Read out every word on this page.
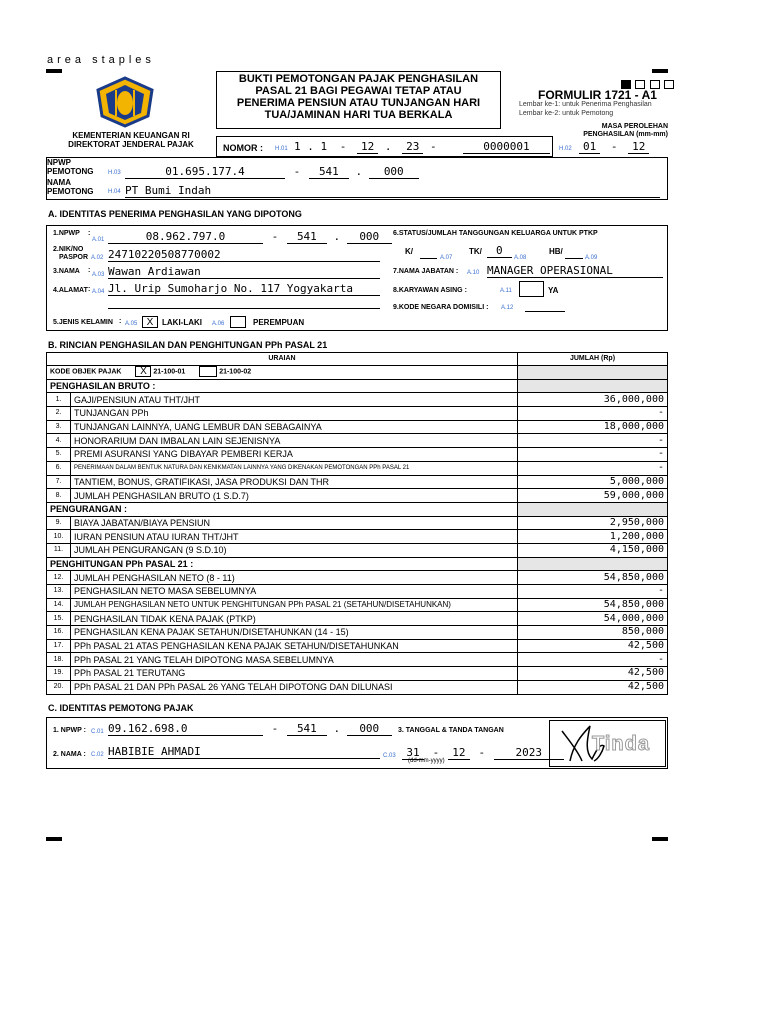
area staples
KEMENTERIAN KEUANGAN RI
DIREKTORAT JENDERAL PAJAK
BUKTI PEMOTONGAN PAJAK PENGHASILAN
PASAL 21 BAGI PEGAWAI TETAP ATAU
PENERIMA PENSIUN ATAU TUNJANGAN HARI
TUA/JAMINAN HARI TUA BERKALA

FORMULIR 1721 - A1
Lembar ke-1: untuk Penerima Penghasilan
Lembar ke-2: untuk Pemotong
MASA PEROLEHAN
PENGHASILAN (mm-mm)
NOMOR : H.01 1 . 1 - 12 . 23 -	0000001	H.02	01 - 12
NPWP
PEMOTONG H.03	01.695.177.4	- 541 . 000
NAMA
PEMOTONG H.04 PT Bumi Indah
A. IDENTITAS PENERIMA PENGHASILAN YANG DIPOTONG
1.NPWP :
A.01	08.962.797.0	- 541 . 000
2.NIK/NO
PASPOR A.02 2471022050877000​2
3.NAMA :
A.03 Wawan Ardiawan
4.ALAMAT : A.04 Jl. Urip Sumoharjo No. 117 Yogyakarta
5.JENIS KELAMIN : A.05 X	LAKI-LAKI A.06	PEREMPUAN
6.STATUS/JUMLAH TANGGUNGAN KELUARGA UNTUK PTKP
K/
A.07
TK/	0
A.08
HB/
A.09
7.NAMA JABATAN : A.10 MANAGER OPERASIONAL
8.KARYAWAN ASING :	A.11	YA
9.KODE NEGARA DOMISILI : A.12
B. RINCIAN PENGHASILAN DAN PENGHITUNGAN PPh PASAL 21
URAIAN		JUMLAH (Rp)
KODE OBJEK PAJAK X 21-100-01 21-100-02		
PENGHASILAN BRUTO :		
1.	GAJI/PENSIUN ATAU THT/JHT	36,000,000
2.	TUNJANGAN PPh	-
3.	TUNJANGAN LAINNYA, UANG LEMBUR DAN SEBAGAINYA	18,000,000
4.	HONORARIUM DAN IMBALAN LAIN SEJENISNYA	-
5.	PREMI ASURANSI YANG DIBAYAR PEMBERI KERJA	-
6.	PENERIMAAN DALAM BENTUK NATURA DAN KENIKMATAN LAINNYA YANG DIKENAKAN PEMOTONGAN PPh PASAL 21	-
7.	TANTIEM, BONUS, GRATIFIKASI, JASA PRODUKSI DAN THR	5,000,000
8.	JUMLAH PENGHASILAN BRUTO (1 S.D.7)	59,000,000
PENGURANGAN :		
9.	BIAYA JABATAN/BIAYA PENSIUN	2,950,000
10.	IURAN PENSIUN ATAU IURAN THT/JHT	1,200,000
11.	JUMLAH PENGURANGAN (9 S.D.10)	4,150,000
PENGHITUNGAN PPh PASAL 21 :		
12.	JUMLAH PENGHASILAN NETO (8 - 11)	54,850,000
13.	PENGHASILAN NETO MASA SEBELUMNYA	-
14.	JUMLAH PENGHASILAN NETO UNTUK PENGHITUNGAN PPh PASAL 21 (SETAHUN/DISETAHUNKAN)	54,850,000
15.	PENGHASILAN TIDAK KENA PAJAK (PTKP)	54,000,000
16.	PENGHASILAN KENA PAJAK SETAHUN/DISETAHUNKAN (14 - 15)	850,000
17.	PPh PASAL 21 ATAS PENGHASILAN KENA PAJAK SETAHUN/DISETAHUNKAN	42,500
18.	PPh PASAL 21 YANG TELAH DIPOTONG MASA SEBELUMNYA	-
19.	PPh PASAL 21 TERUTANG	42,500
20.	PPh PASAL 21 DAN PPh PASAL 26 YANG TELAH DIPOTONG DAN DILUNASI	42,500
C. IDENTITAS PEMOTONG PAJAK
1. NPWP : C.01 09.162.698.0	- 541 . 000
2. NAMA : C.02 HABIBIE AHMADI
3. TANGGAL & TANDA TANGAN
C.03 31 - 12 -	2023
(dd-mm-yyyy)
Tinda
